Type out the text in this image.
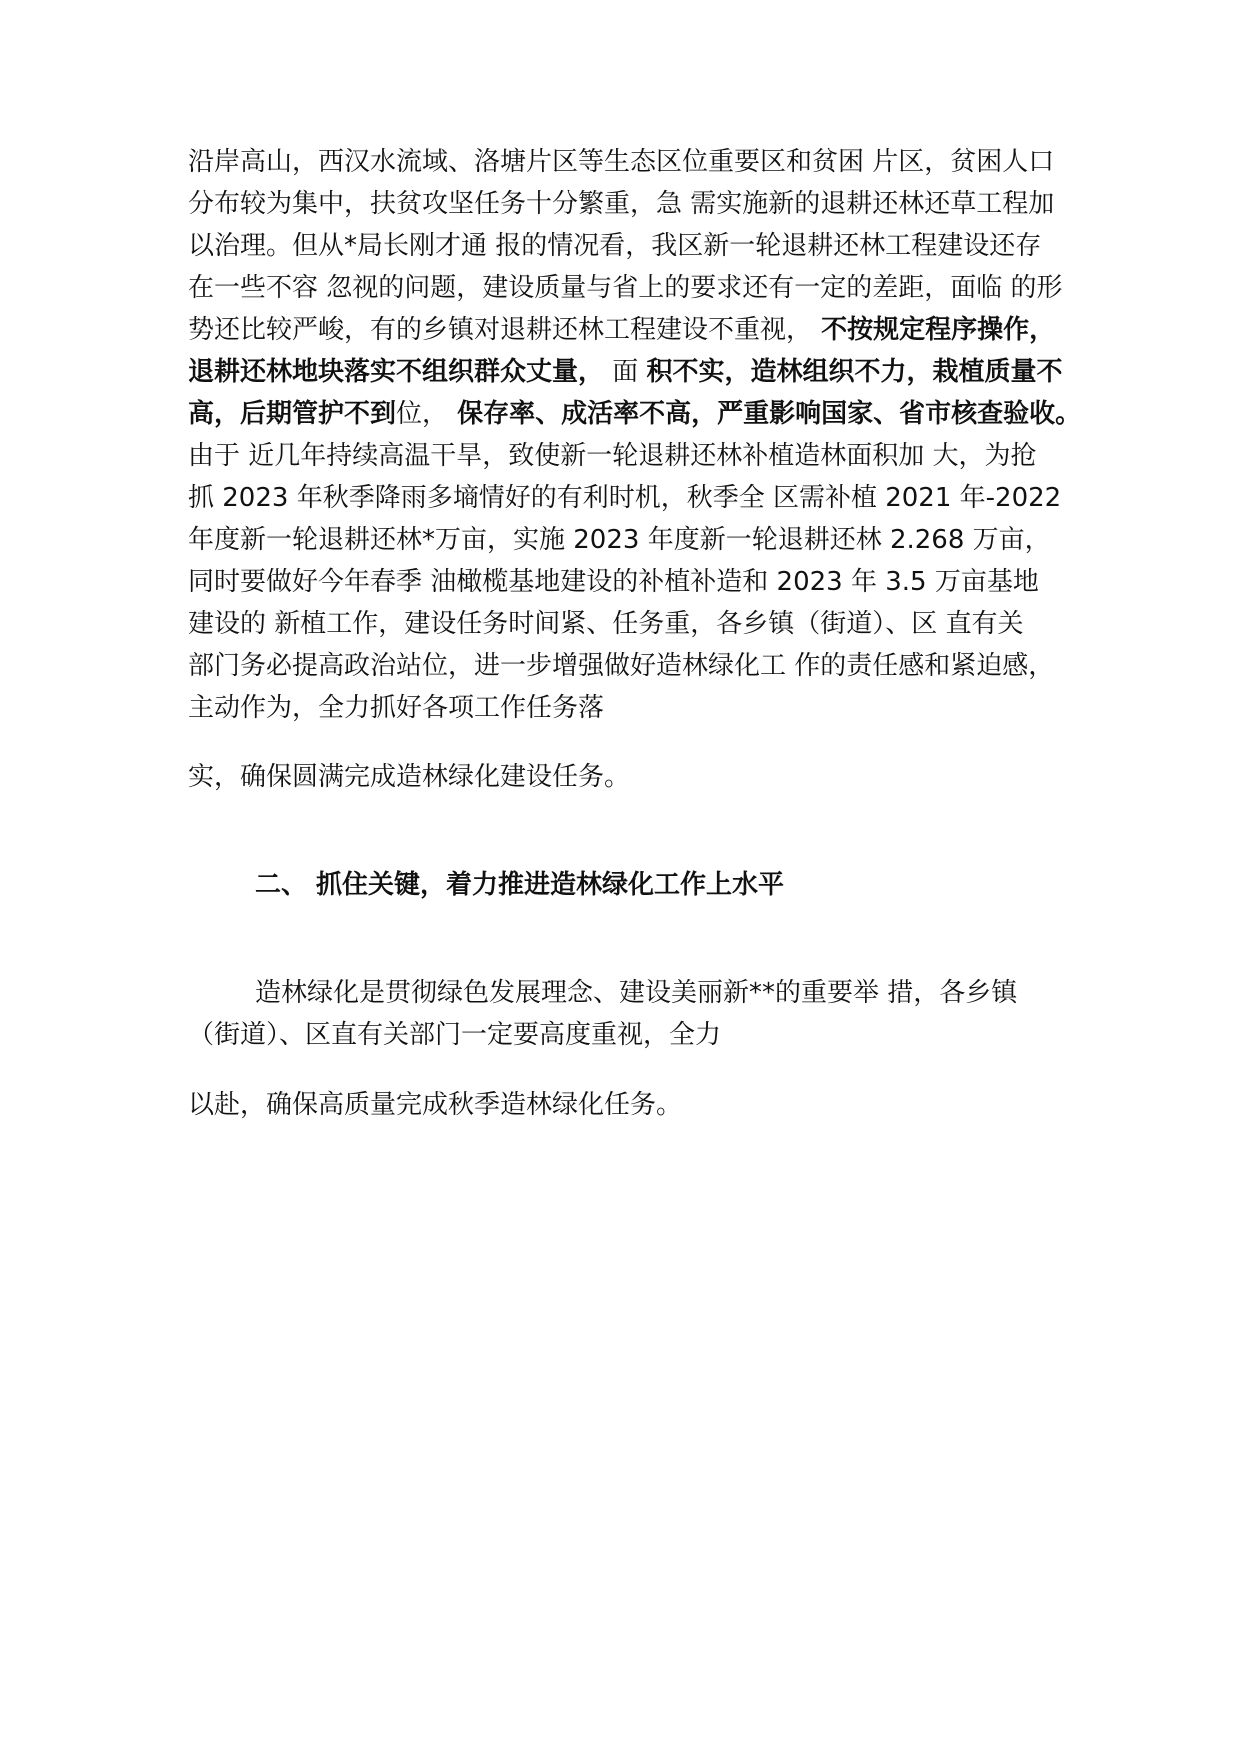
沿岸高山，西汉水流域、洛塘片区等生态区位重要区和贫困 片区，贫困人口
分布较为集中，扶贫攻坚任务十分繁重，急 需实施新的退耕还林还草工程加
以治理。但从*局长刚才通 报的情况看，我区新一轮退耕还林工程建设还存
在一些不容 忽视的问题，建设质量与省上的要求还有一定的差距，面临 的形
势还比较严峻，有的乡镇对退耕还林工程建设不重视， 不按规定程序操作，
退耕还林地块落实不组织群众丈量， 面 积不实，造林组织不力，栽植质量不
高，后期管护不到位， 保存率、成活率不高，严重影响国家、省市核查验收。
由于 近几年持续高温干旱，致使新一轮退耕还林补植造林面积加 大，为抢
抓 2023 年秋季降雨多墒情好的有利时机，秋季全 区需补植 2021 年-2022
年度新一轮退耕还林*万亩，实施 2023 年度新一轮退耕还林 2.268 万亩，
同时要做好今年春季 油橄榄基地建设的补植补造和 2023 年 3.5 万亩基地
建设的 新植工作，建设任务时间紧、任务重，各乡镇（街道）、区 直有关
部门务必提高政治站位，进一步增强做好造林绿化工 作的责任感和紧迫感，
主动作为，全力抓好各项工作任务落
实，确保圆满完成造林绿化建设任务。
二、 抓住关键，着力推进造林绿化工作上水平
造林绿化是贯彻绿色发展理念、建设美丽新**的重要举 措，各乡镇
（街道）、区直有关部门一定要高度重视，全力
以赴，确保高质量完成秋季造林绿化任务。
